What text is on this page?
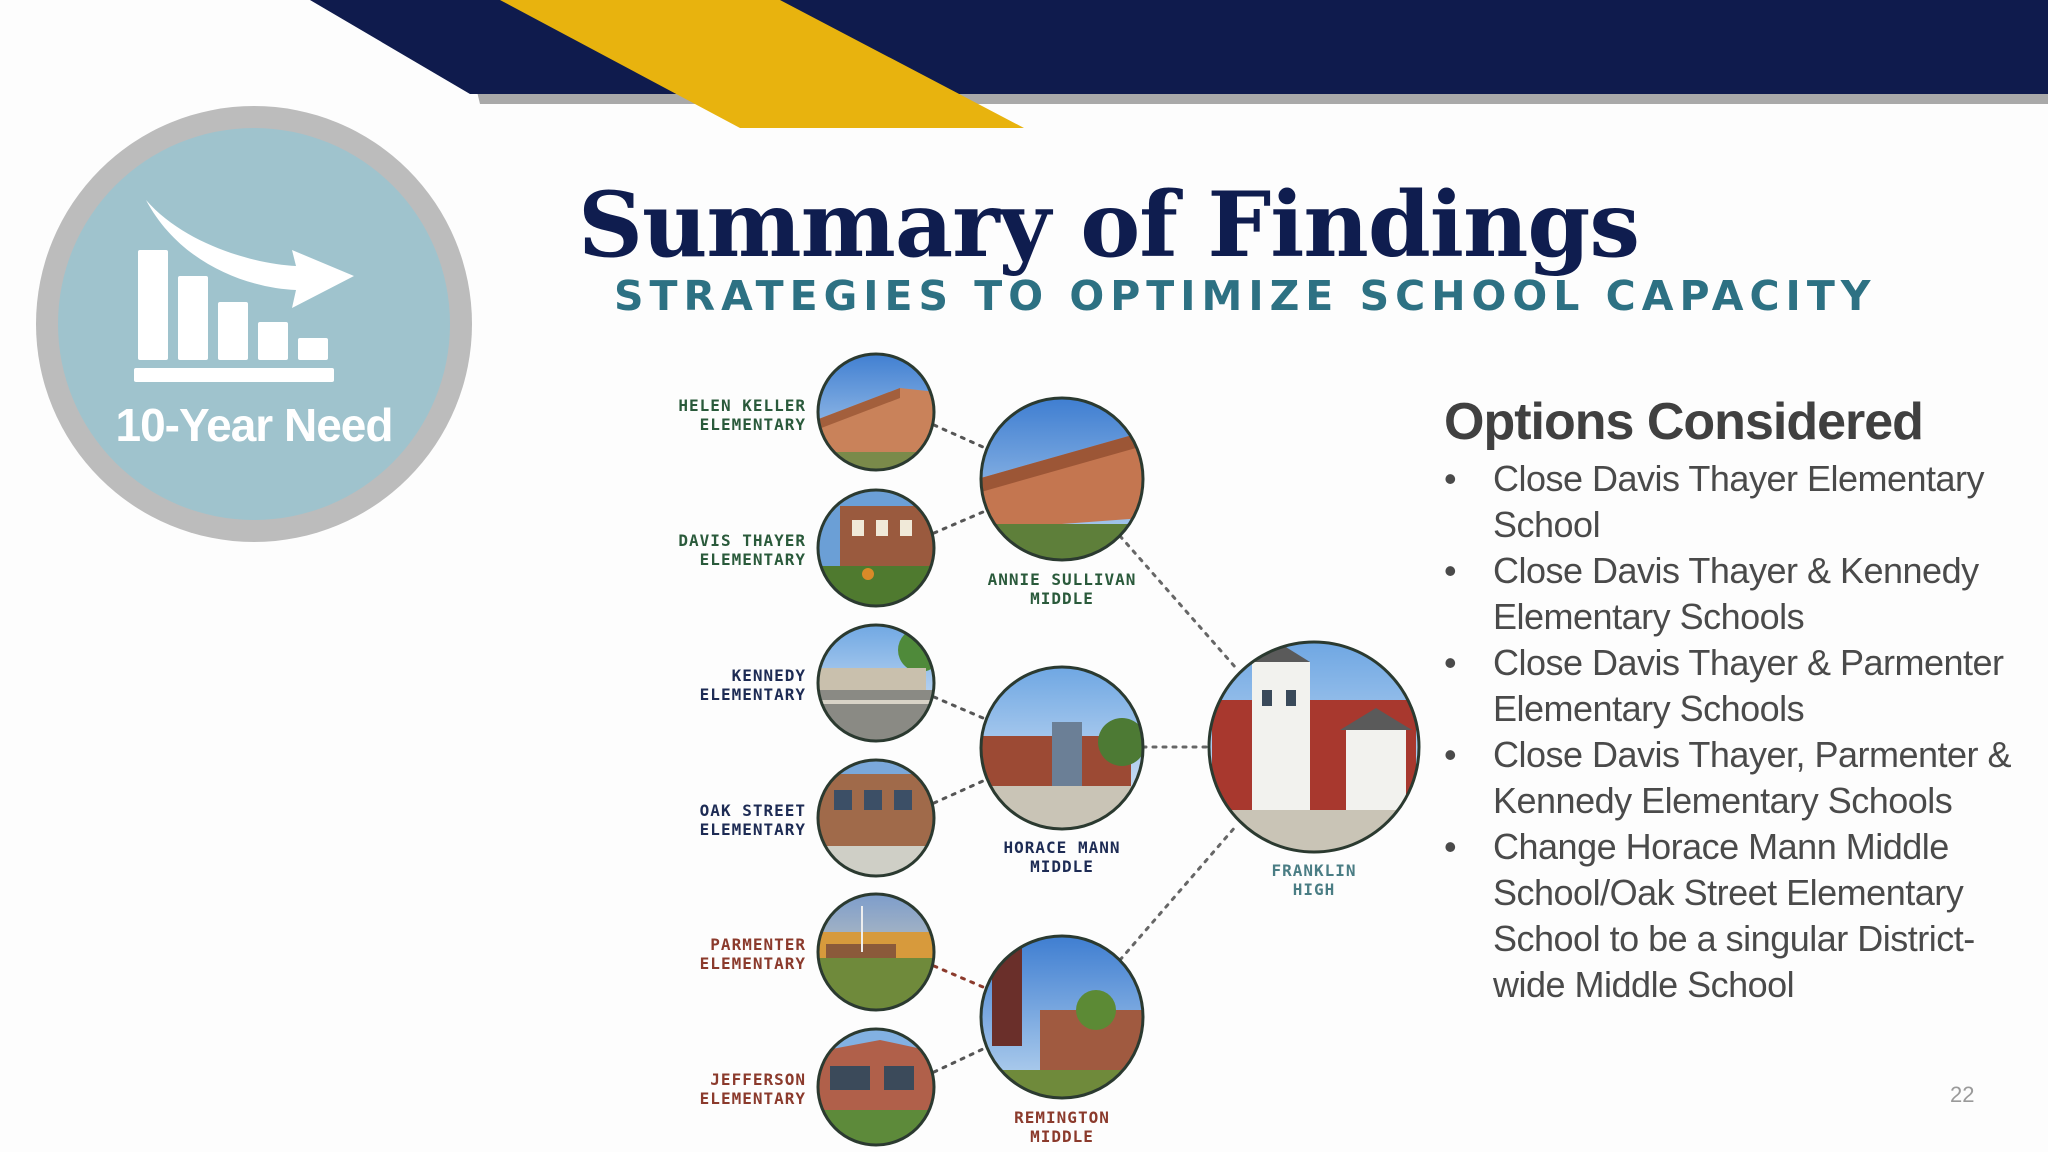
10-Year Need
Summary of Findings
STRATEGIES TO OPTIMIZE SCHOOL CAPACITY
HELEN KELLER
ELEMENTARY
DAVIS THAYER
ELEMENTARY
KENNEDY
ELEMENTARY
OAK STREET
ELEMENTARY
PARMENTER
ELEMENTARY
JEFFERSON
ELEMENTARY
ANNIE SULLIVAN
MIDDLE
HORACE MANN
MIDDLE
REMINGTON
MIDDLE
FRANKLIN
HIGH
Options Considered
• Close Davis Thayer Elementary School
• Close Davis Thayer & Kennedy Elementary Schools
• Close Davis Thayer & Parmenter Elementary Schools
• Close Davis Thayer, Parmenter & Kennedy Elementary Schools
• Change Horace Mann Middle School/Oak Street Elementary School to be a singular District-wide Middle School
22
